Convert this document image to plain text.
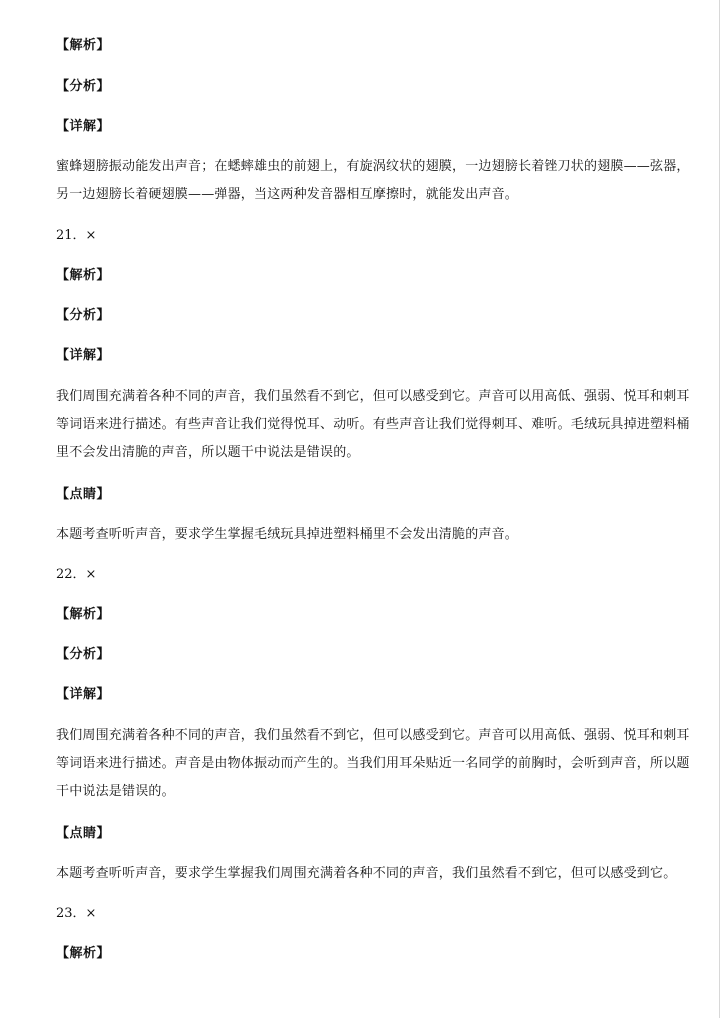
【解析】
【分析】
【详解】
蜜蜂翅膀振动能发出声音；在蟋蟀雄虫的前翅上，有旋涡纹状的翅膜，一边翅膀长着锉刀状的翅膜——弦器，
另一边翅膀长着硬翅膜——弹器，当这两种发音器相互摩擦时，就能发出声音。
21．×
【解析】
【分析】
【详解】
我们周围充满着各种不同的声音，我们虽然看不到它，但可以感受到它。声音可以用高低、强弱、悦耳和刺耳
等词语来进行描述。有些声音让我们觉得悦耳、动听。有些声音让我们觉得刺耳、难听。毛绒玩具掉进塑料桶
里不会发出清脆的声音，所以题干中说法是错误的。
【点睛】
本题考查听听声音，要求学生掌握毛绒玩具掉进塑料桶里不会发出清脆的声音。
22．×
【解析】
【分析】
【详解】
我们周围充满着各种不同的声音，我们虽然看不到它，但可以感受到它。声音可以用高低、强弱、悦耳和刺耳
等词语来进行描述。声音是由物体振动而产生的。当我们用耳朵贴近一名同学的前胸时，会听到声音，所以题
干中说法是错误的。
【点睛】
本题考查听听声音，要求学生掌握我们周围充满着各种不同的声音，我们虽然看不到它，但可以感受到它。
23．×
【解析】
